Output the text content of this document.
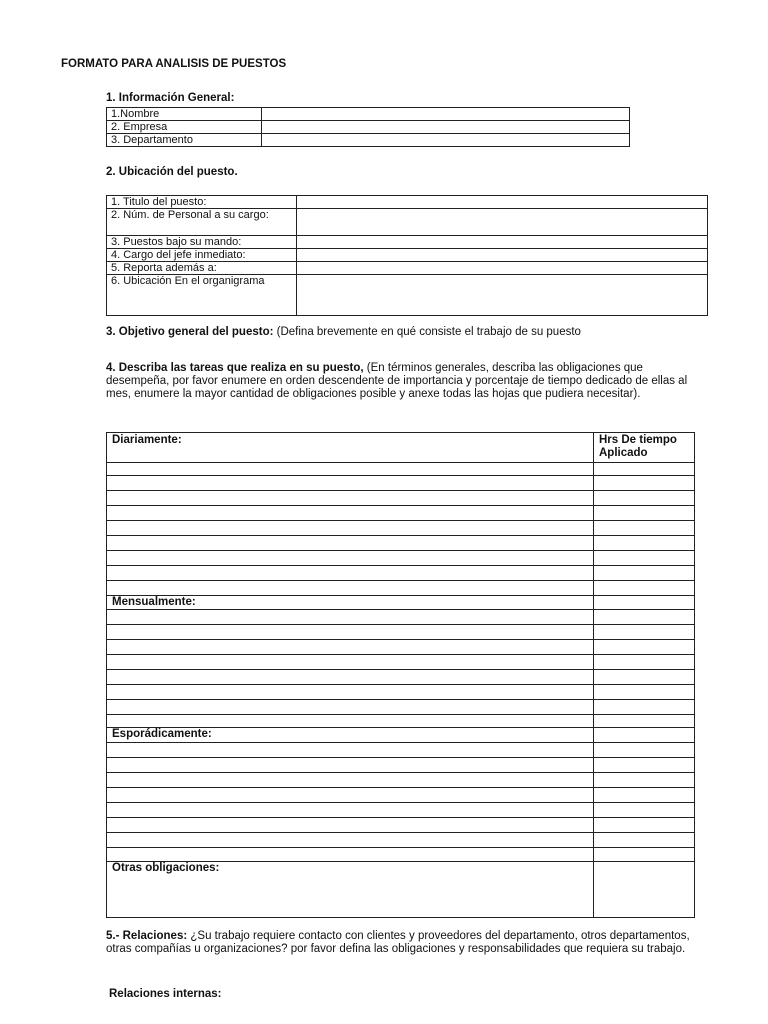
FORMATO PARA ANALISIS DE PUESTOS
1. Información General:
1.Nombre	
2. Empresa	
3. Departamento	
2. Ubicación del puesto.
1. Titulo del puesto:	
2. Núm. de Personal a su cargo:	
3. Puestos bajo su mando:	
4. Cargo del jefe inmediato:	
5. Reporta además a:	
6. Ubicación En el organigrama	
3. Objetivo general del puesto: (Defina brevemente en qué consiste el trabajo de su puesto
4. Describa las tareas que realiza en su puesto, (En términos generales, describa las obligaciones que desempeña, por favor enumere en orden descendente de importancia y porcentaje de tiempo dedicado de ellas al mes, enumere la mayor cantidad de obligaciones posible y anexe todas las hojas que pudiera necesitar).
Diariamente:	Hrs De tiempo Aplicado
Mensualmente:
Esporádicamente:
Otras obligaciones:
5.- Relaciones: ¿Su trabajo requiere contacto con clientes y proveedores del departamento, otros departamentos, otras compañías u organizaciones? por favor defina las obligaciones y responsabilidades que requiera su trabajo.
Relaciones internas:
